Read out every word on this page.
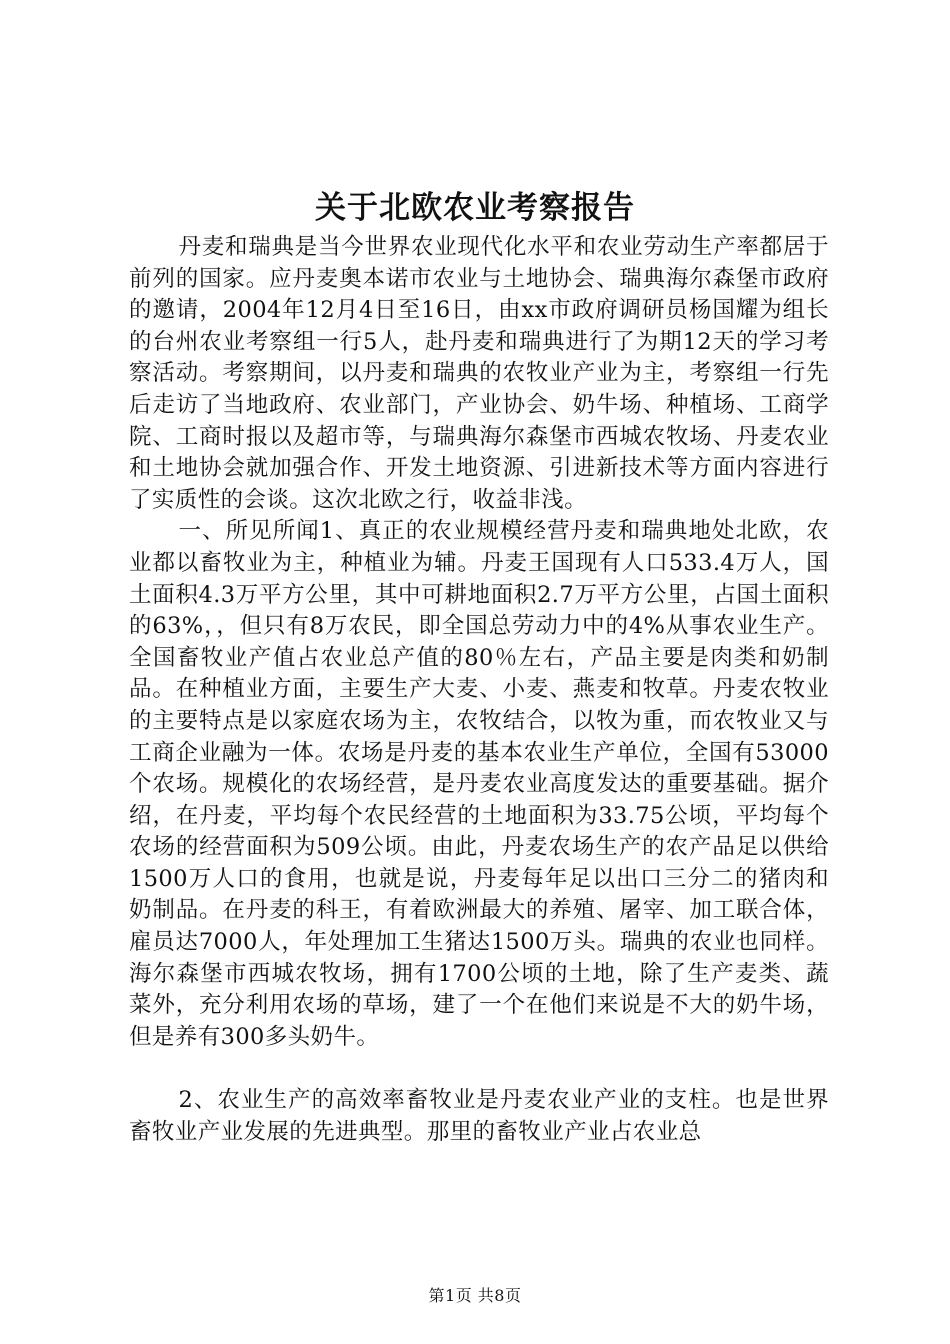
关于北欧农业考察报告

丹麦和瑞典是当今世界农业现代化水平和农业劳动生产率都居于前列的国家。应丹麦奥本诺市农业与土地协会、瑞典海尔森堡市政府的邀请，2004年12月4日至16日，由xx市政府调研员杨国耀为组长的台州农业考察组一行5人，赴丹麦和瑞典进行了为期12天的学习考察活动。考察期间，以丹麦和瑞典的农牧业产业为主，考察组一行先后走访了当地政府、农业部门，产业协会、奶牛场、种植场、工商学院、工商时报以及超市等，与瑞典海尔森堡市西城农牧场、丹麦农业和土地协会就加强合作、开发土地资源、引进新技术等方面内容进行了实质性的会谈。这次北欧之行，收益非浅。

一、所见所闻1、真正的农业规模经营丹麦和瑞典地处北欧，农业都以畜牧业为主，种植业为辅。丹麦王国现有人口533.4万人，国土面积4.3万平方公里，其中可耕地面积2.7万平方公里，占国土面积的63%，，但只有8万农民，即全国总劳动力中的4%从事农业生产。全国畜牧业产值占农业总产值的80％左右，产品主要是肉类和奶制品。在种植业方面，主要生产大麦、小麦、燕麦和牧草。丹麦农牧业的主要特点是以家庭农场为主，农牧结合，以牧为重，而农牧业又与工商企业融为一体。农场是丹麦的基本农业生产单位，全国有53000个农场。规模化的农场经营，是丹麦农业高度发达的重要基础。据介绍，在丹麦，平均每个农民经营的土地面积为33.75公顷，平均每个农场的经营面积为509公顷。由此，丹麦农场生产的农产品足以供给1500万人口的食用，也就是说，丹麦每年足以出口三分二的猪肉和奶制品。在丹麦的科王，有着欧洲最大的养殖、屠宰、加工联合体，雇员达7000人，年处理加工生猪达1500万头。瑞典的农业也同样。海尔森堡市西城农牧场，拥有1700公顷的土地，除了生产麦类、蔬菜外，充分利用农场的草场，建了一个在他们来说是不大的奶牛场，但是养有300多头奶牛。

2、农业生产的高效率畜牧业是丹麦农业产业的支柱。也是世界畜牧业产业发展的先进典型。那里的畜牧业产业占农业总

第1页 共8页
